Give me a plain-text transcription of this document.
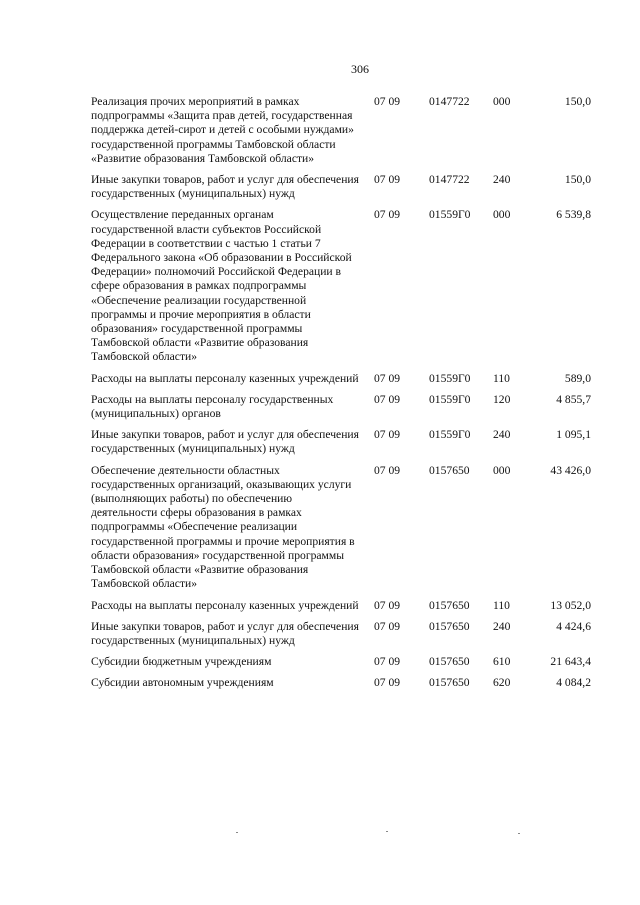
306
Реализация прочих мероприятий в рамках подпрограммы «Защита прав детей, государственная поддержка детей-сирот и детей с особыми нуждами» государственной программы Тамбовской области «Развитие образования Тамбовской области»
07 09	0147722	000	150,0
Иные закупки товаров, работ и услуг для обеспечения государственных (муниципальных) нужд
07 09	0147722	240	150,0
Осуществление переданных органам государственной власти субъектов Российской Федерации в соответствии с частью 1 статьи 7 Федерального закона «Об образовании в Российской Федерации» полномочий Российской Федерации в сфере образования в рамках подпрограммы «Обеспечение реализации государственной программы и прочие мероприятия в области образования» государственной программы Тамбовской области «Развитие образования Тамбовской области»
07 09	01559Г0	000	6 539,8
Расходы на выплаты персоналу казенных учреждений 07 09	01559Г0	110	589,0
Расходы на выплаты персоналу государственных (муниципальных) органов
07 09	01559Г0	120	4 855,7
Иные закупки товаров, работ и услуг для обеспечения государственных (муниципальных) нужд
07 09	01559Г0	240	1 095,1
Обеспечение деятельности областных государственных организаций, оказывающих услуги (выполняющих работы) по обеспечению деятельности сферы образования в рамках подпрограммы «Обеспечение реализации государственной программы и прочие мероприятия в области образования» государственной программы Тамбовской области «Развитие образования Тамбовской области»
07 09	0157650	000	43 426,0
Расходы на выплаты персоналу казенных учреждений 07 09	0157650	110	13 052,0
Иные закупки товаров, работ и услуг для обеспечения государственных (муниципальных) нужд
07 09	0157650	240	4 424,6
Субсидии бюджетным учреждениям	07 09	0157650	610	21 643,4
Субсидии автономным учреждениям	07 09	0157650	620	4 084,2
